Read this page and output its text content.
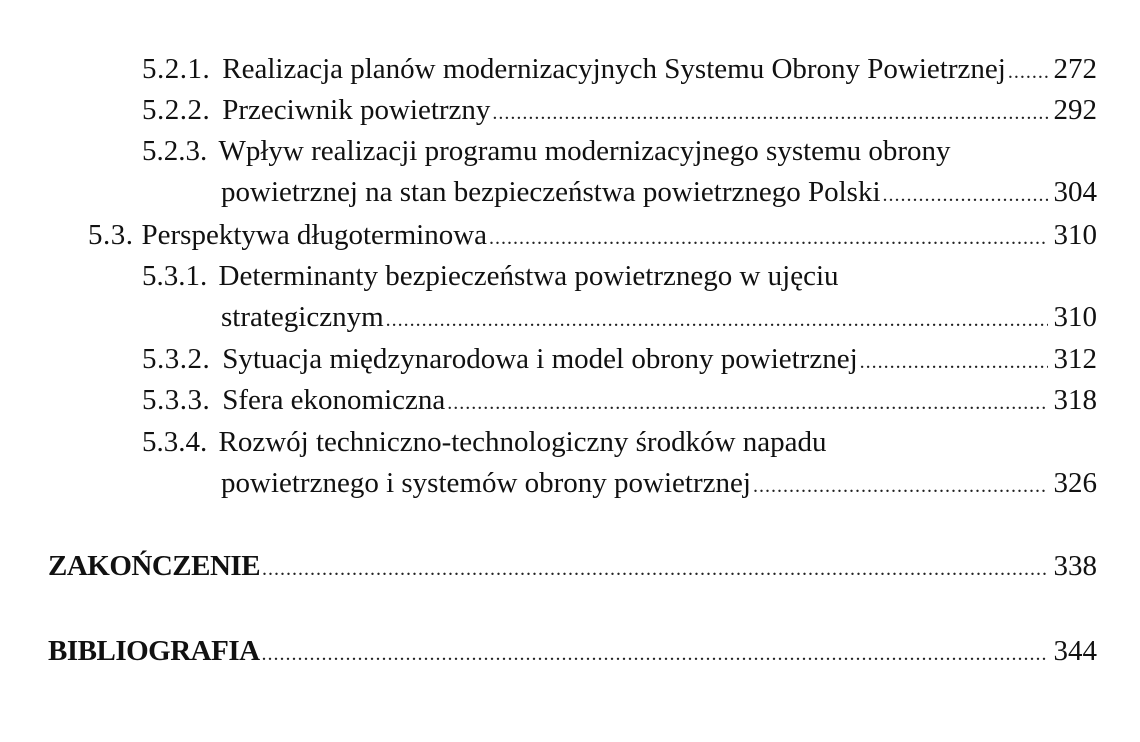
5.2.1. Realizacja planów modernizacyjnych Systemu Obrony Powietrznej ..... 272
5.2.2. Przeciwnik powietrzny .....	292
5.2.3. Wpływ realizacji programu modernizacyjnego systemu obrony
powietrznej na stan bezpieczeństwa powietrznego Polski .....	304
5.3. Perspektywa długoterminowa .....	310
5.3.1. Determinanty bezpieczeństwa powietrznego w ujęciu
strategicznym .....	310
5.3.2. Sytuacja międzynarodowa i model obrony powietrznej .....	312
5.3.3. Sfera ekonomiczna .....	318
5.3.4. Rozwój techniczno-technologiczny środków napadu
powietrznego i systemów obrony powietrznej .....	326
ZAKOŃCZENIE .....	338
BIBLIOGRAFIA .....	344
